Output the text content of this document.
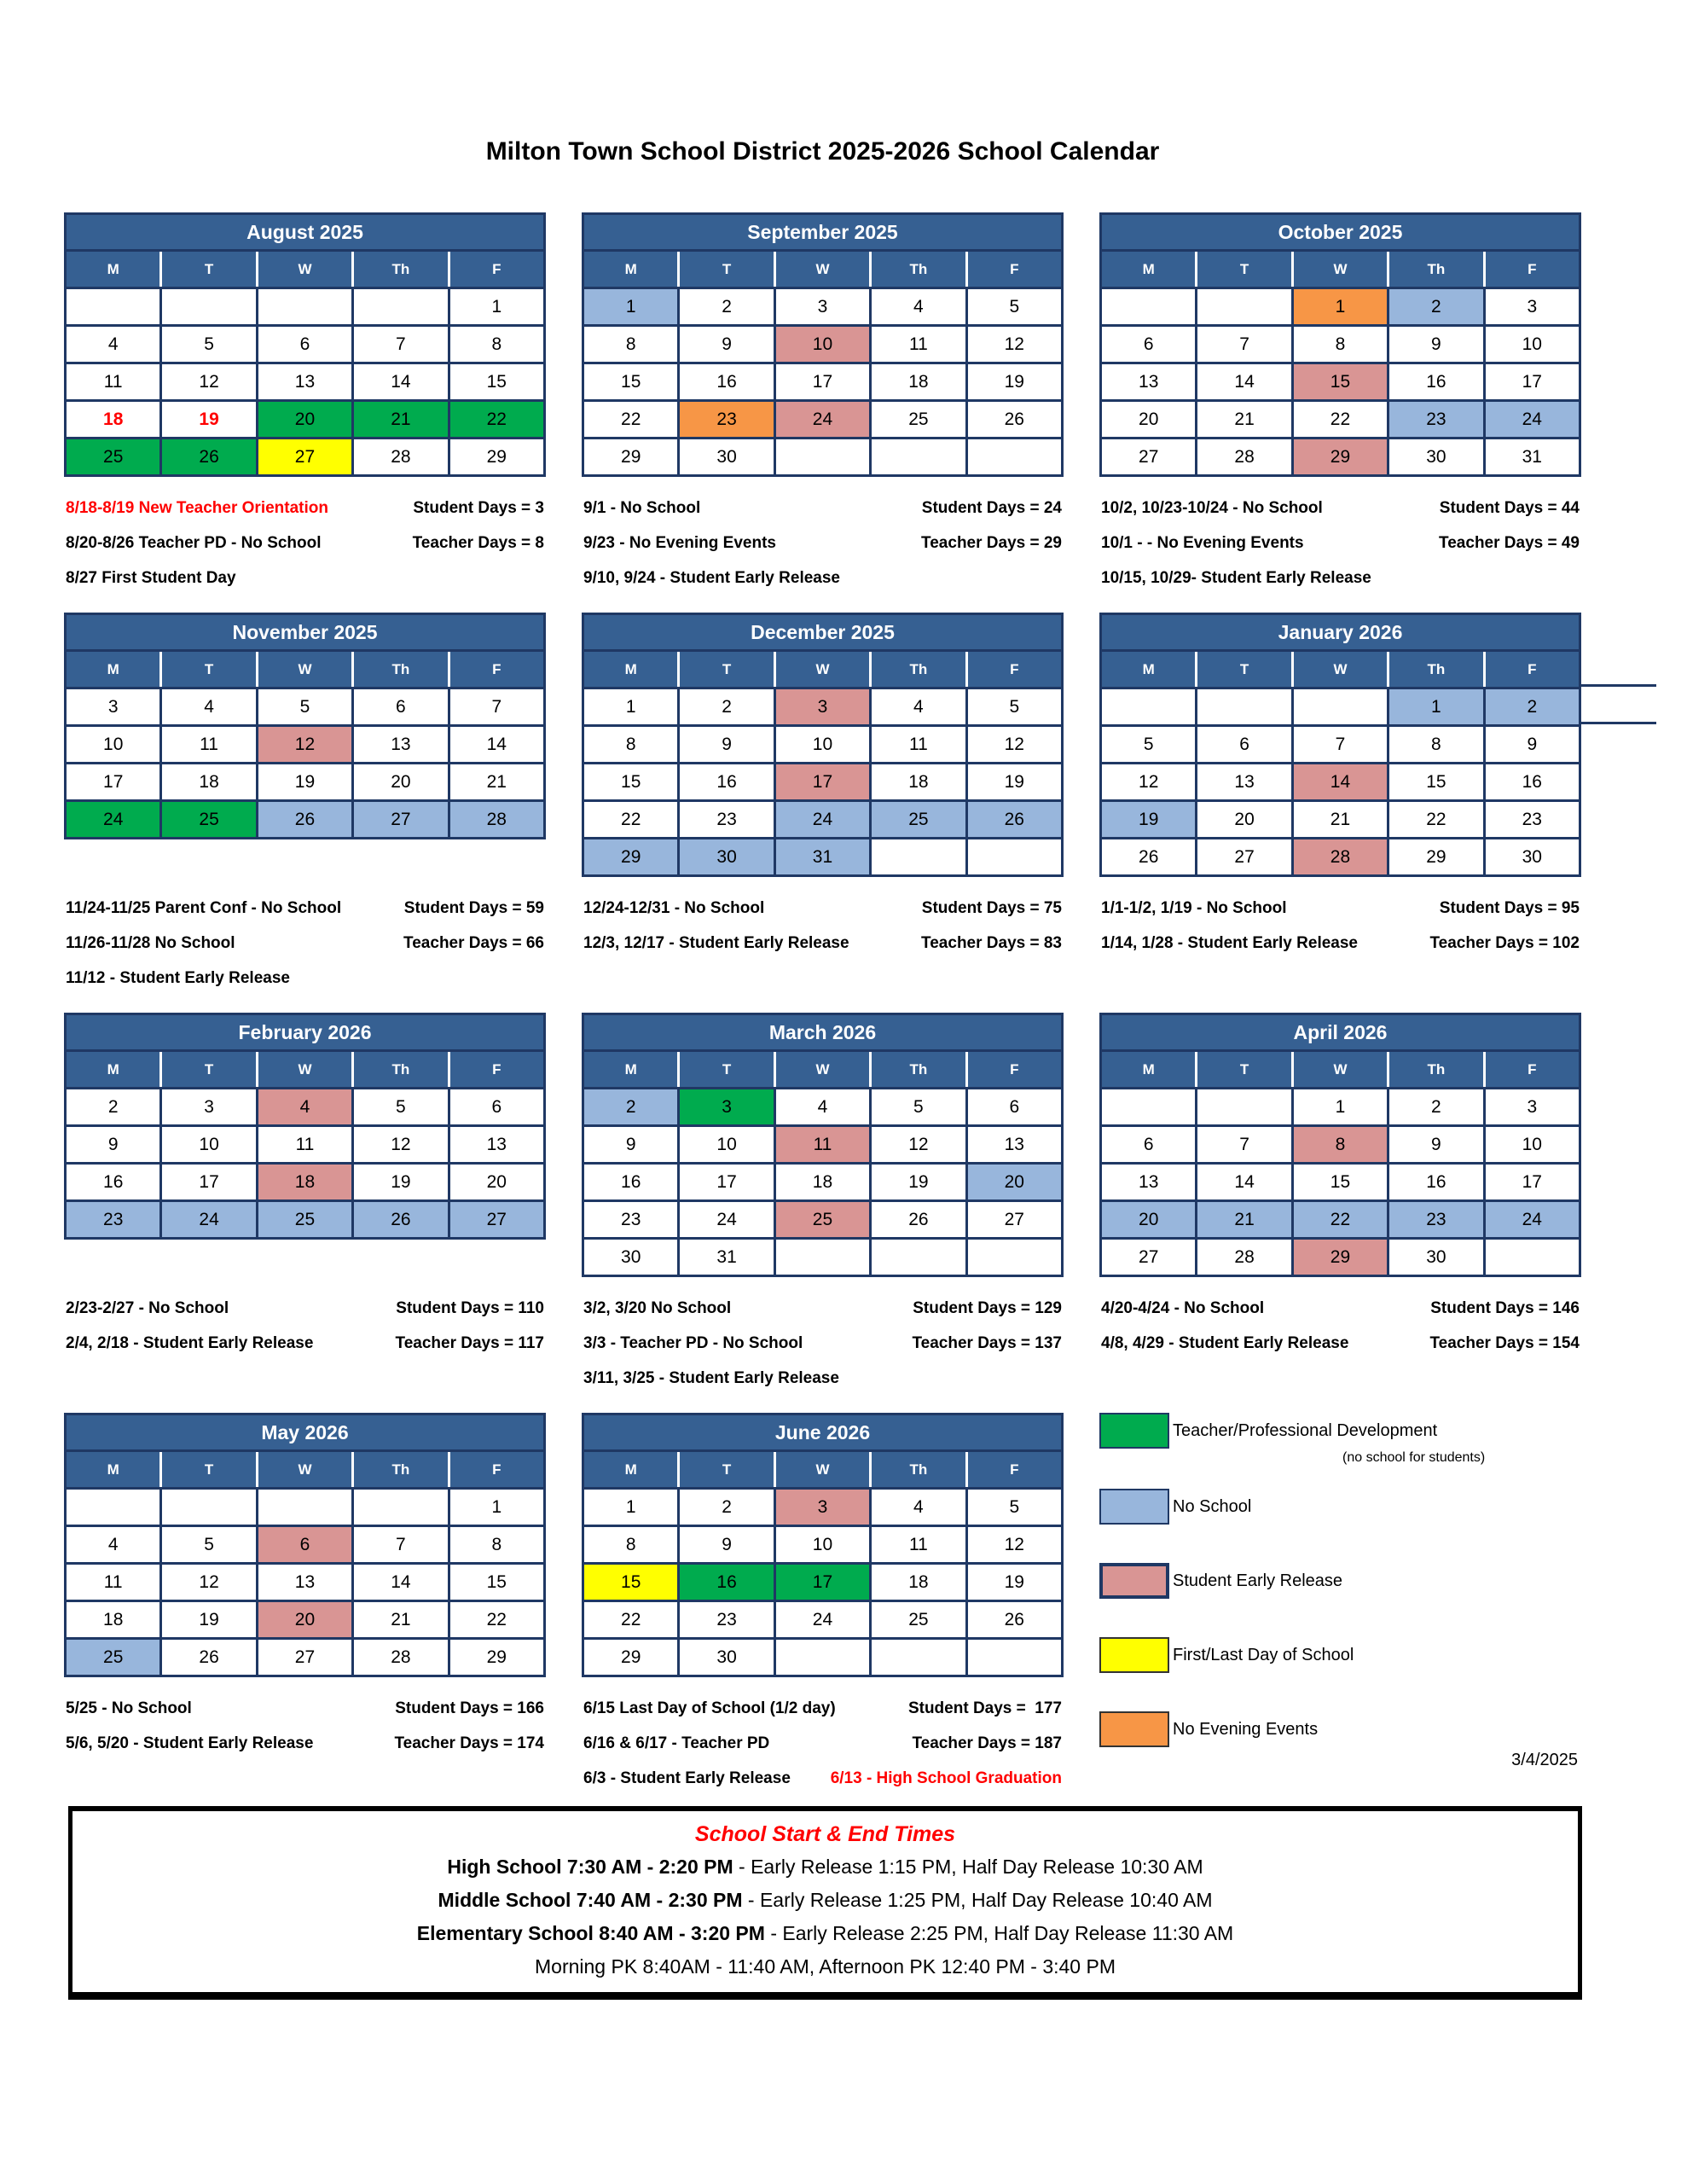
Milton Town School District 2025-2026 School Calendar
August 2025				
M	T	W	Th	F
				1
4	5	6	7	8
11	12	13	14	15
18	19	20	21	22
25	26	27	28	29
8/18-8/19 New Teacher Orientation	Student Days = 3
8/20-8/26 Teacher PD - No School	Teacher Days = 8
8/27 First Student Day
September 2025				
M	T	W	Th	F
1	2	3	4	5
8	9	10	11	12
15	16	17	18	19
22	23	24	25	26
29	30			
9/1 - No School	Student Days = 24
9/23 - No Evening Events	Teacher Days = 29
9/10, 9/24 - Student Early Release
October 2025				
M	T	W	Th	F
		1	2	3
6	7	8	9	10
13	14	15	16	17
20	21	22	23	24
27	28	29	30	31
10/2, 10/23-10/24 - No School	Student Days = 44
10/1 - - No Evening Events	Teacher Days = 49
10/15, 10/29- Student Early Release
November 2025				
M	T	W	Th	F
3	4	5	6	7
10	11	12	13	14
17	18	19	20	21
24	25	26	27	28
11/24-11/25 Parent Conf - No School	Student Days = 59
11/26-11/28 No School	Teacher Days = 66
11/12 - Student Early Release
December 2025				
M	T	W	Th	F
1	2	3	4	5
8	9	10	11	12
15	16	17	18	19
22	23	24	25	26
29	30	31		
12/24-12/31 - No School	Student Days = 75
12/3, 12/17 - Student Early Release	Teacher Days = 83
January 2026				
M	T	W	Th	F
			1	2
5	6	7	8	9
12	13	14	15	16
19	20	21	22	23
26	27	28	29	30
1/1-1/2, 1/19 - No School	Student Days = 95
1/14, 1/28 - Student Early Release	Teacher Days = 102
February 2026				
M	T	W	Th	F
2	3	4	5	6
9	10	11	12	13
16	17	18	19	20
23	24	25	26	27
2/23-2/27 - No School	Student Days = 110
2/4, 2/18 - Student Early Release	Teacher Days = 117
March 2026				
M	T	W	Th	F
2	3	4	5	6
9	10	11	12	13
16	17	18	19	20
23	24	25	26	27
30	31			
3/2, 3/20 No School	Student Days = 129
3/3 - Teacher PD - No School	Teacher Days = 137
3/11, 3/25 - Student Early Release
April 2026				
M	T	W	Th	F
		1	2	3
6	7	8	9	10
13	14	15	16	17
20	21	22	23	24
27	28	29	30	
4/20-4/24 - No School	Student Days = 146
4/8, 4/29 - Student Early Release	Teacher Days = 154
May 2026				
M	T	W	Th	F
				1
4	5	6	7	8
11	12	13	14	15
18	19	20	21	22
25	26	27	28	29
5/25 - No School	Student Days = 166
5/6, 5/20 - Student Early Release	Teacher Days = 174
June 2026				
M	T	W	Th	F
1	2	3	4	5
8	9	10	11	12
15	16	17	18	19
22	23	24	25	26
29	30			
6/15 Last Day of School (1/2 day)	Student Days =  177
6/16 & 6/17 - Teacher PD	Teacher Days = 187
6/3 - Student Early Release 6/13 - High School Graduation
Teacher/Professional Development
(no school for students)
No School
Student Early Release
First/Last Day of School
No Evening Events
3/4/2025
School Start & End Times
High School 7:30 AM - 2:20 PM - Early Release 1:15 PM, Half Day Release 10:30 AM
Middle School 7:40 AM - 2:30 PM - Early Release 1:25 PM, Half Day Release 10:40 AM
Elementary School 8:40 AM - 3:20 PM - Early Release 2:25 PM, Half Day Release 11:30 AM
Morning PK 8:40AM - 11:40 AM, Afternoon PK 12:40 PM - 3:40 PM
